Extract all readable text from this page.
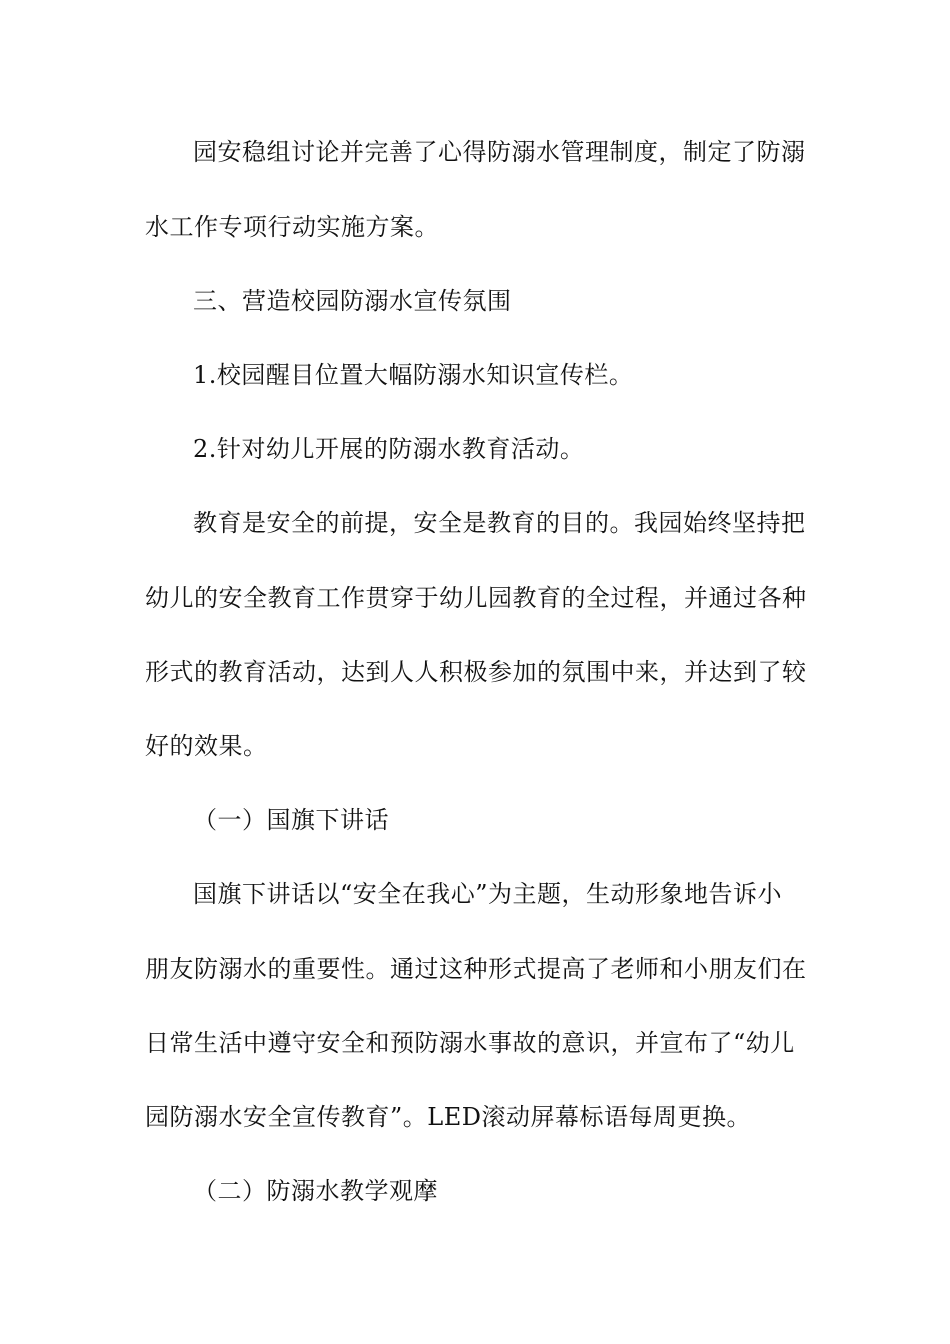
园安稳组讨论并完善了心得防溺水管理制度，制定了防溺
水工作专项行动实施方案。
三、营造校园防溺水宣传氛围
1.校园醒目位置大幅防溺水知识宣传栏。
2.针对幼儿开展的防溺水教育活动。
教育是安全的前提，安全是教育的目的。我园始终坚持把
幼儿的安全教育工作贯穿于幼儿园教育的全过程，并通过各种
形式的教育活动，达到人人积极参加的氛围中来，并达到了较
好的效果。
（一）国旗下讲话
国旗下讲话以“安全在我心”为主题，生动形象地告诉小
朋友防溺水的重要性。通过这种形式提高了老师和小朋友们在
日常生活中遵守安全和预防溺水事故的意识，并宣布了“幼儿
园防溺水安全宣传教育”。LED滚动屏幕标语每周更换。
（二）防溺水教学观摩
